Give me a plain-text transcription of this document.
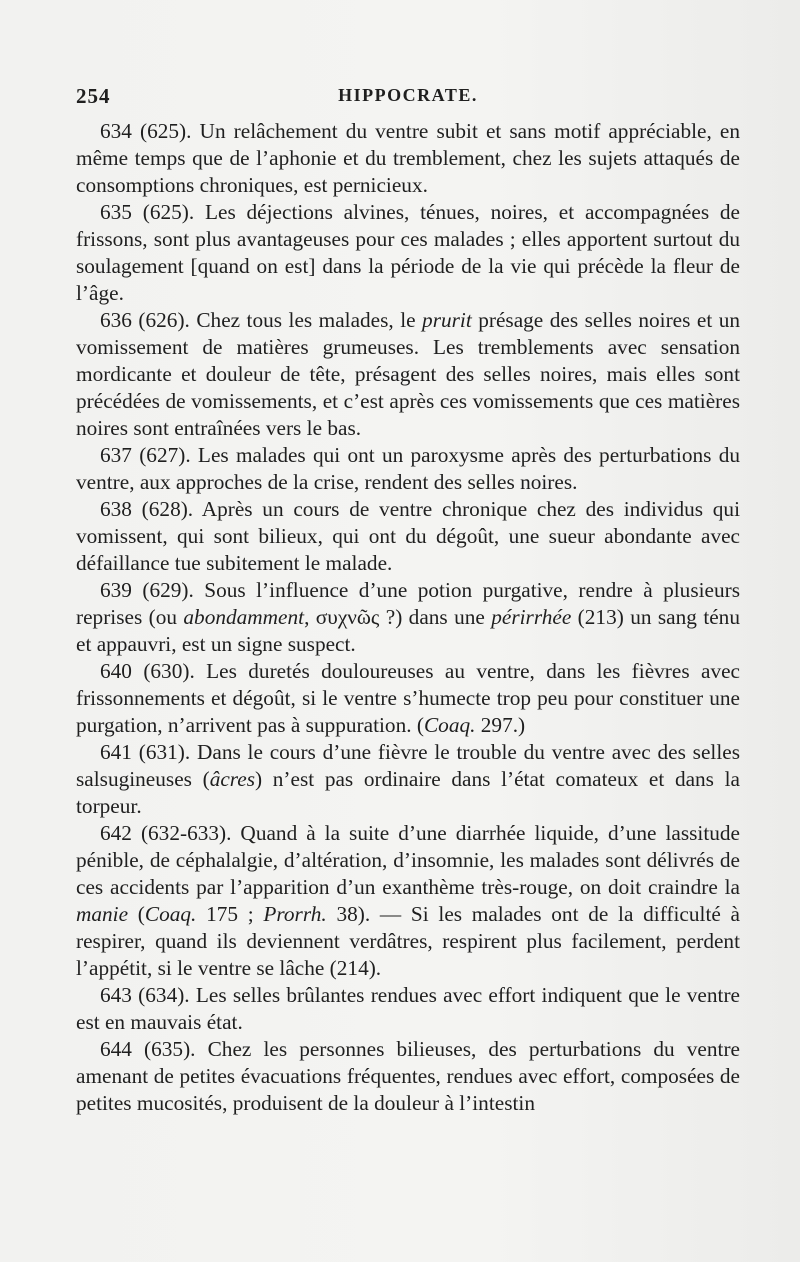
254	HIPPOCRATE.

634 (625). Un relâchement du ventre subit et sans motif appréciable, en même temps que de l’aphonie et du tremblement, chez les sujets attaqués de consomptions chroniques, est pernicieux.

635 (625). Les déjections alvines, ténues, noires, et accompagnées de frissons, sont plus avantageuses pour ces malades ; elles apportent surtout du soulagement [quand on est] dans la période de la vie qui précède la fleur de l’âge.

636 (626). Chez tous les malades, le prurit présage des selles noires et un vomissement de matières grumeuses. Les tremblements avec sensation mordicante et douleur de tête, présagent des selles noires, mais elles sont précédées de vomissements, et c’est après ces vomissements que ces matières noires sont entraînées vers le bas.

637 (627). Les malades qui ont un paroxysme après des perturbations du ventre, aux approches de la crise, rendent des selles noires.

638 (628). Après un cours de ventre chronique chez des individus qui vomissent, qui sont bilieux, qui ont du dégoût, une sueur abondante avec défaillance tue subitement le malade.

639 (629). Sous l’influence d’une potion purgative, rendre à plusieurs reprises (ou abondamment, συχνῶς ?) dans une périrrhée (213) un sang ténu et appauvri, est un signe suspect.

640 (630). Les duretés douloureuses au ventre, dans les fièvres avec frissonnements et dégoût, si le ventre s’humecte trop peu pour constituer une purgation, n’arrivent pas à suppuration. (Coaq. 297.)

641 (631). Dans le cours d’une fièvre le trouble du ventre avec des selles salsugineuses (âcres) n’est pas ordinaire dans l’état comateux et dans la torpeur.

642 (632-633). Quand à la suite d’une diarrhée liquide, d’une lassitude pénible, de céphalalgie, d’altération, d’insomnie, les malades sont délivrés de ces accidents par l’apparition d’un exanthème très-rouge, on doit craindre la manie (Coaq. 175 ; Prorrh. 38). — Si les malades ont de la difficulté à respirer, quand ils deviennent verdâtres, respirent plus facilement, perdent l’appétit, si le ventre se lâche (214).

643 (634). Les selles brûlantes rendues avec effort indiquent que le ventre est en mauvais état.

644 (635). Chez les personnes bilieuses, des perturbations du ventre amenant de petites évacuations fréquentes, rendues avec effort, composées de petites mucosités, produisent de la douleur à l’intestin
